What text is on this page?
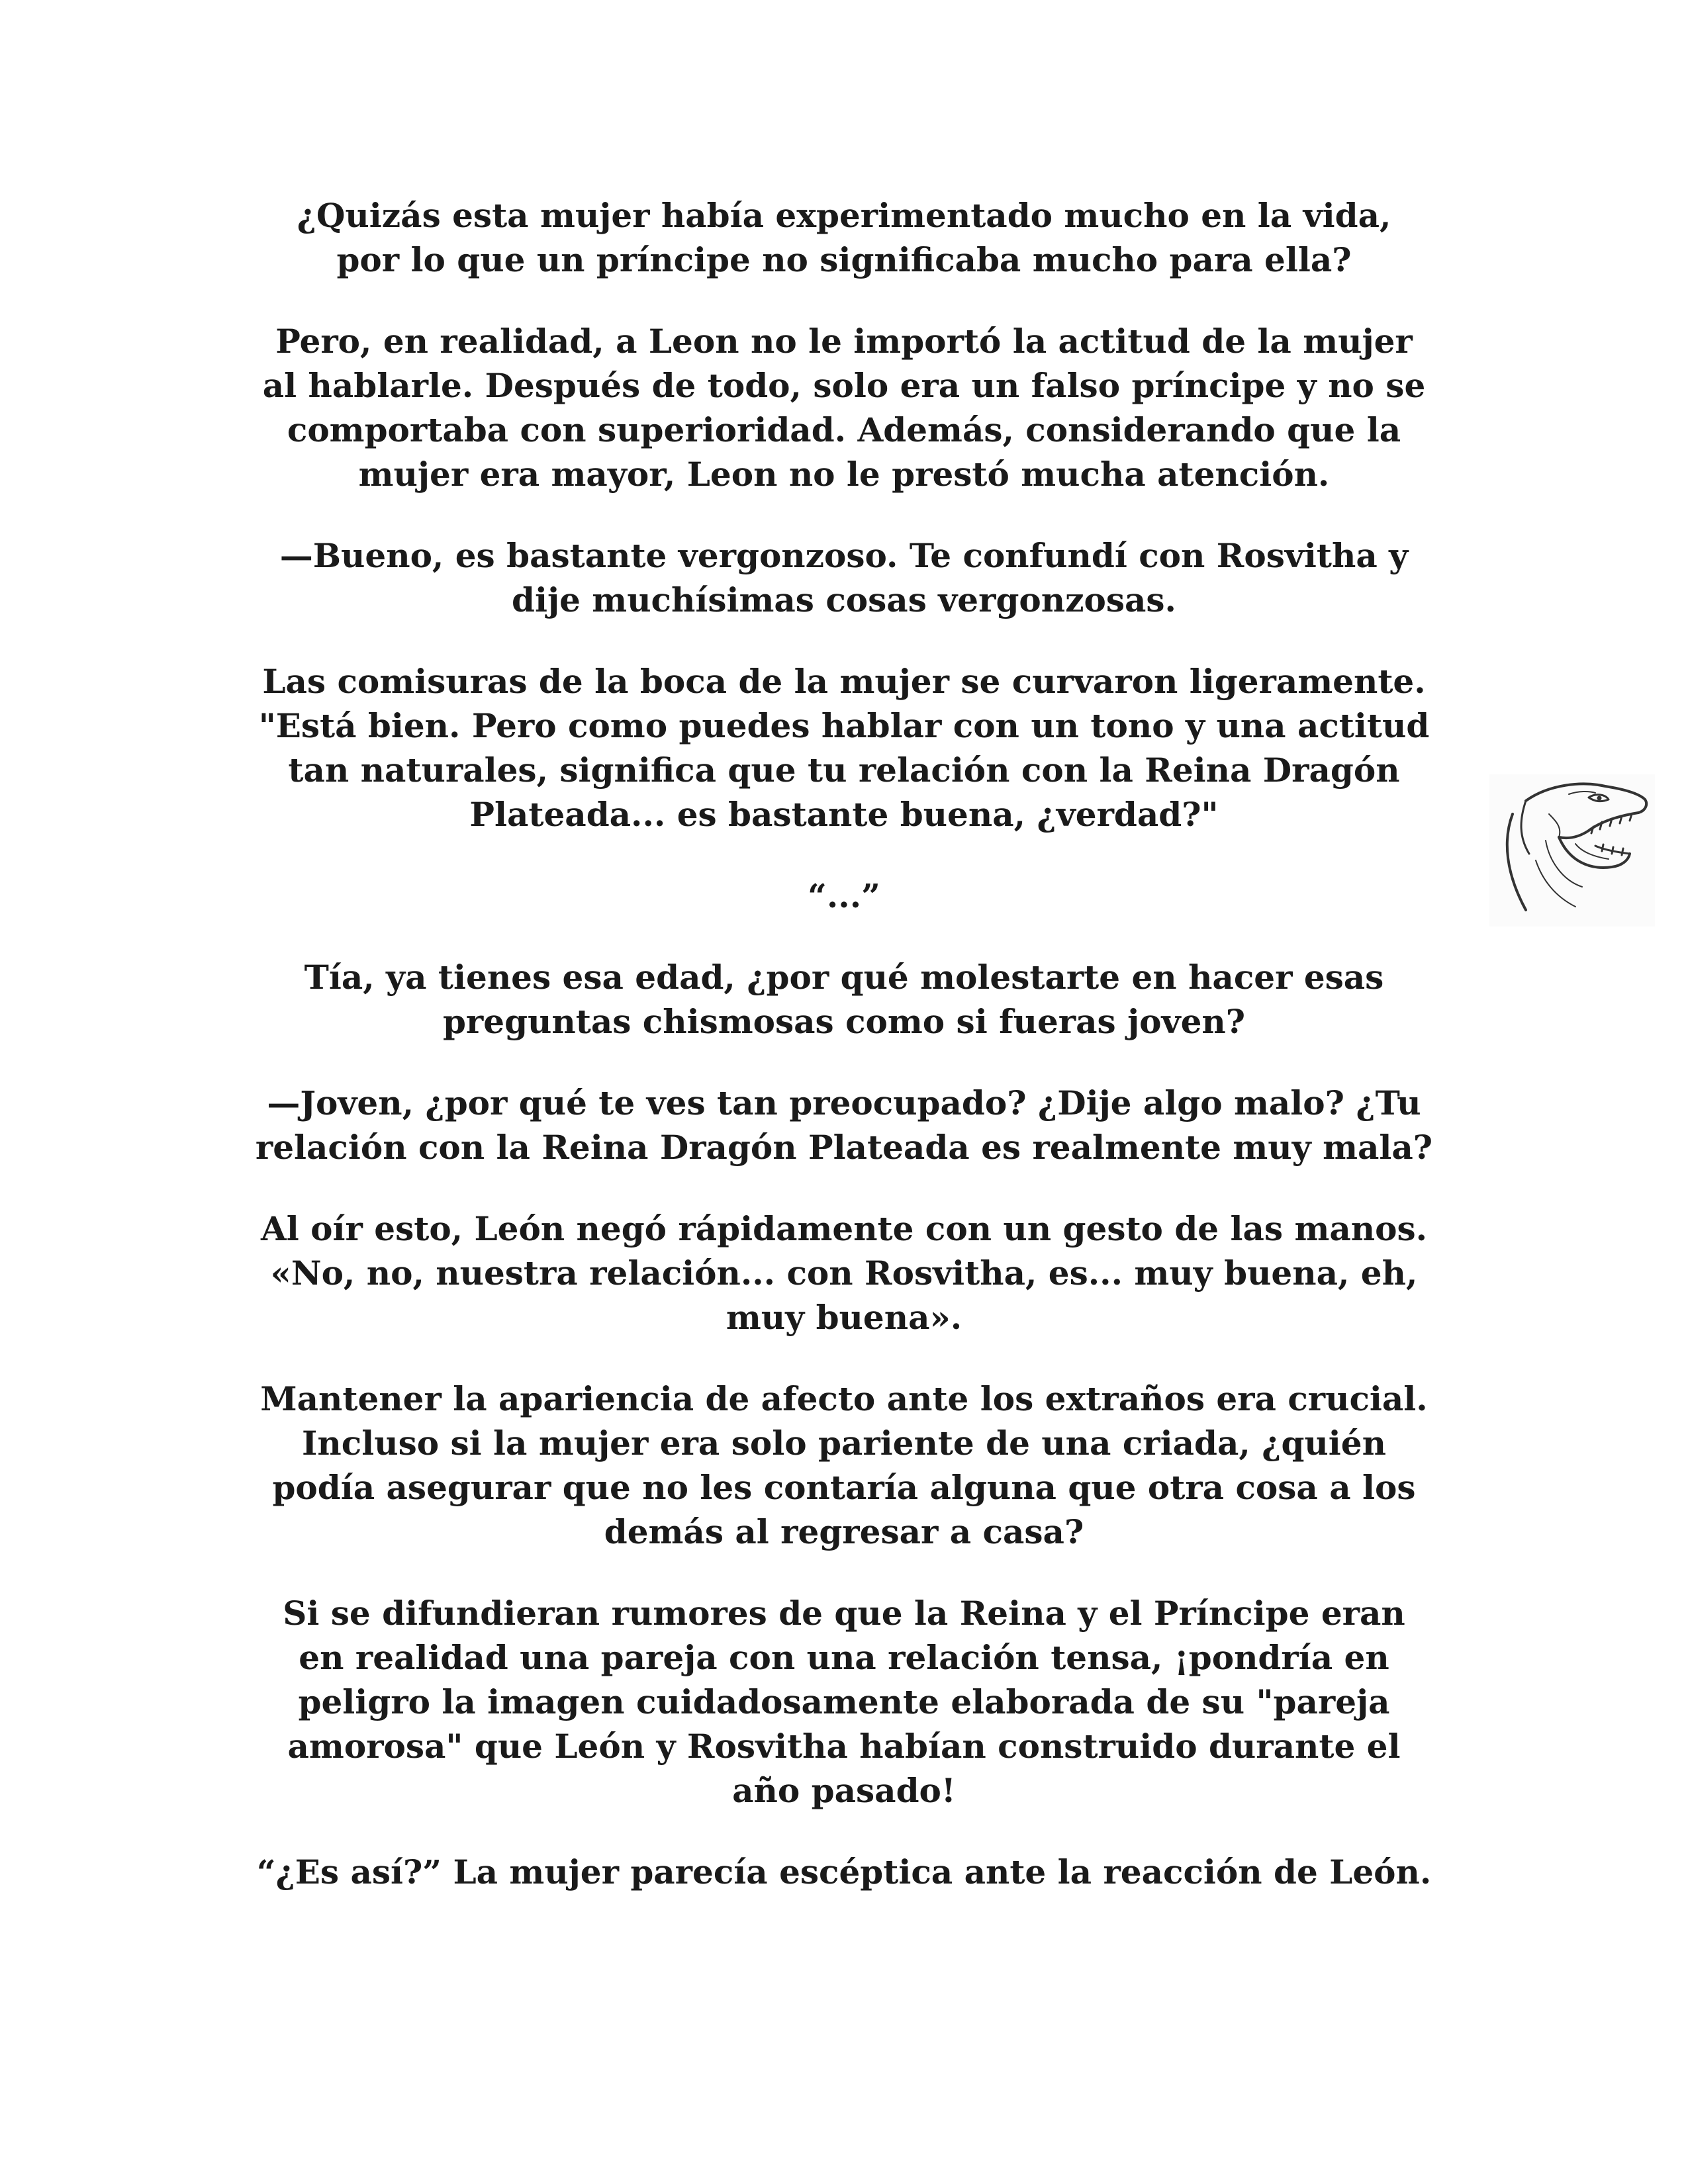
¿Quizás esta mujer había experimentado mucho en la vida,
por lo que un príncipe no significaba mucho para ella?

Pero, en realidad, a Leon no le importó la actitud de la mujer
al hablarle. Después de todo, solo era un falso príncipe y no se
comportaba con superioridad. Además, considerando que la
mujer era mayor, Leon no le prestó mucha atención.

—Bueno, es bastante vergonzoso. Te confundí con Rosvitha y
dije muchísimas cosas vergonzosas.

Las comisuras de la boca de la mujer se curvaron ligeramente.
"Está bien. Pero como puedes hablar con un tono y una actitud
tan naturales, significa que tu relación con la Reina Dragón
Plateada... es bastante buena, ¿verdad?"

“...”

Tía, ya tienes esa edad, ¿por qué molestarte en hacer esas
preguntas chismosas como si fueras joven?

—Joven, ¿por qué te ves tan preocupado? ¿Dije algo malo? ¿Tu
relación con la Reina Dragón Plateada es realmente muy mala?

Al oír esto, León negó rápidamente con un gesto de las manos.
«No, no, nuestra relación... con Rosvitha, es... muy buena, eh,
muy buena».

Mantener la apariencia de afecto ante los extraños era crucial.
Incluso si la mujer era solo pariente de una criada, ¿quién
podía asegurar que no les contaría alguna que otra cosa a los
demás al regresar a casa?

Si se difundieran rumores de que la Reina y el Príncipe eran
en realidad una pareja con una relación tensa, ¡pondría en
peligro la imagen cuidadosamente elaborada de su "pareja
amorosa" que León y Rosvitha habían construido durante el
año pasado!

“¿Es así?” La mujer parecía escéptica ante la reacción de León.
